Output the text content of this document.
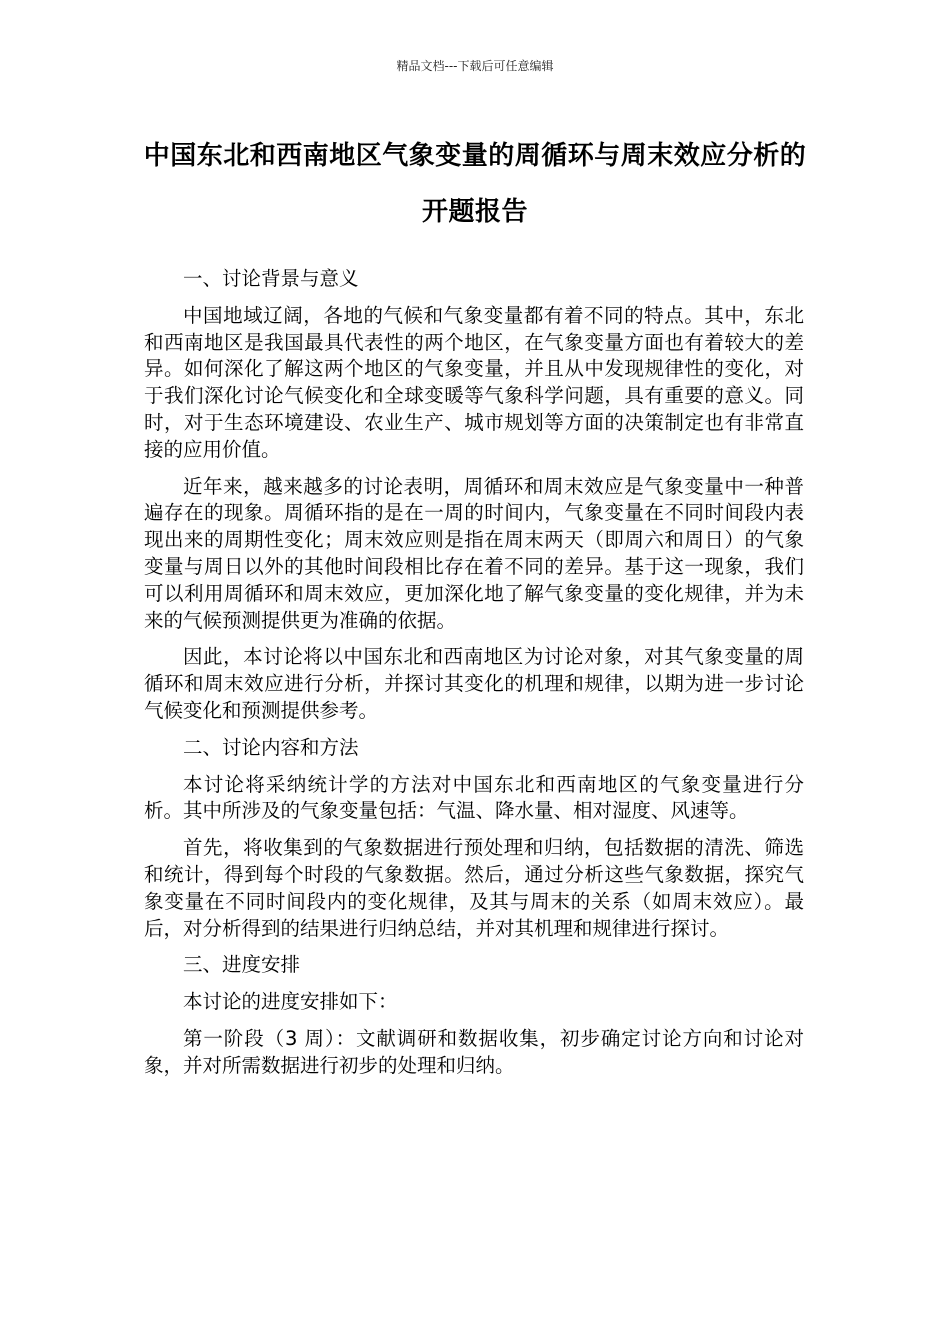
精品文档---下载后可任意编辑
中国东北和西南地区气象变量的周循环与周末效应分析的开题报告

一、讨论背景与意义

中国地域辽阔，各地的气候和气象变量都有着不同的特点。其中，东北和西南地区是我国最具代表性的两个地区，在气象变量方面也有着较大的差异。如何深化了解这两个地区的气象变量，并且从中发现规律性的变化，对于我们深化讨论气候变化和全球变暖等气象科学问题，具有重要的意义。同时，对于生态环境建设、农业生产、城市规划等方面的决策制定也有非常直接的应用价值。

近年来，越来越多的讨论表明，周循环和周末效应是气象变量中一种普遍存在的现象。周循环指的是在一周的时间内，气象变量在不同时间段内表现出来的周期性变化；周末效应则是指在周末两天（即周六和周日）的气象变量与周日以外的其他时间段相比存在着不同的差异。基于这一现象，我们可以利用周循环和周末效应，更加深化地了解气象变量的变化规律，并为未来的气候预测提供更为准确的依据。

因此，本讨论将以中国东北和西南地区为讨论对象，对其气象变量的周循环和周末效应进行分析，并探讨其变化的机理和规律，以期为进一步讨论气候变化和预测提供参考。

二、讨论内容和方法

本讨论将采纳统计学的方法对中国东北和西南地区的气象变量进行分析。其中所涉及的气象变量包括：气温、降水量、相对湿度、风速等。

首先，将收集到的气象数据进行预处理和归纳，包括数据的清洗、筛选和统计，得到每个时段的气象数据。然后，通过分析这些气象数据，探究气象变量在不同时间段内的变化规律，及其与周末的关系（如周末效应）。最后，对分析得到的结果进行归纳总结，并对其机理和规律进行探讨。

三、进度安排

本讨论的进度安排如下：

第一阶段（3 周）：文献调研和数据收集，初步确定讨论方向和讨论对象，并对所需数据进行初步的处理和归纳。
